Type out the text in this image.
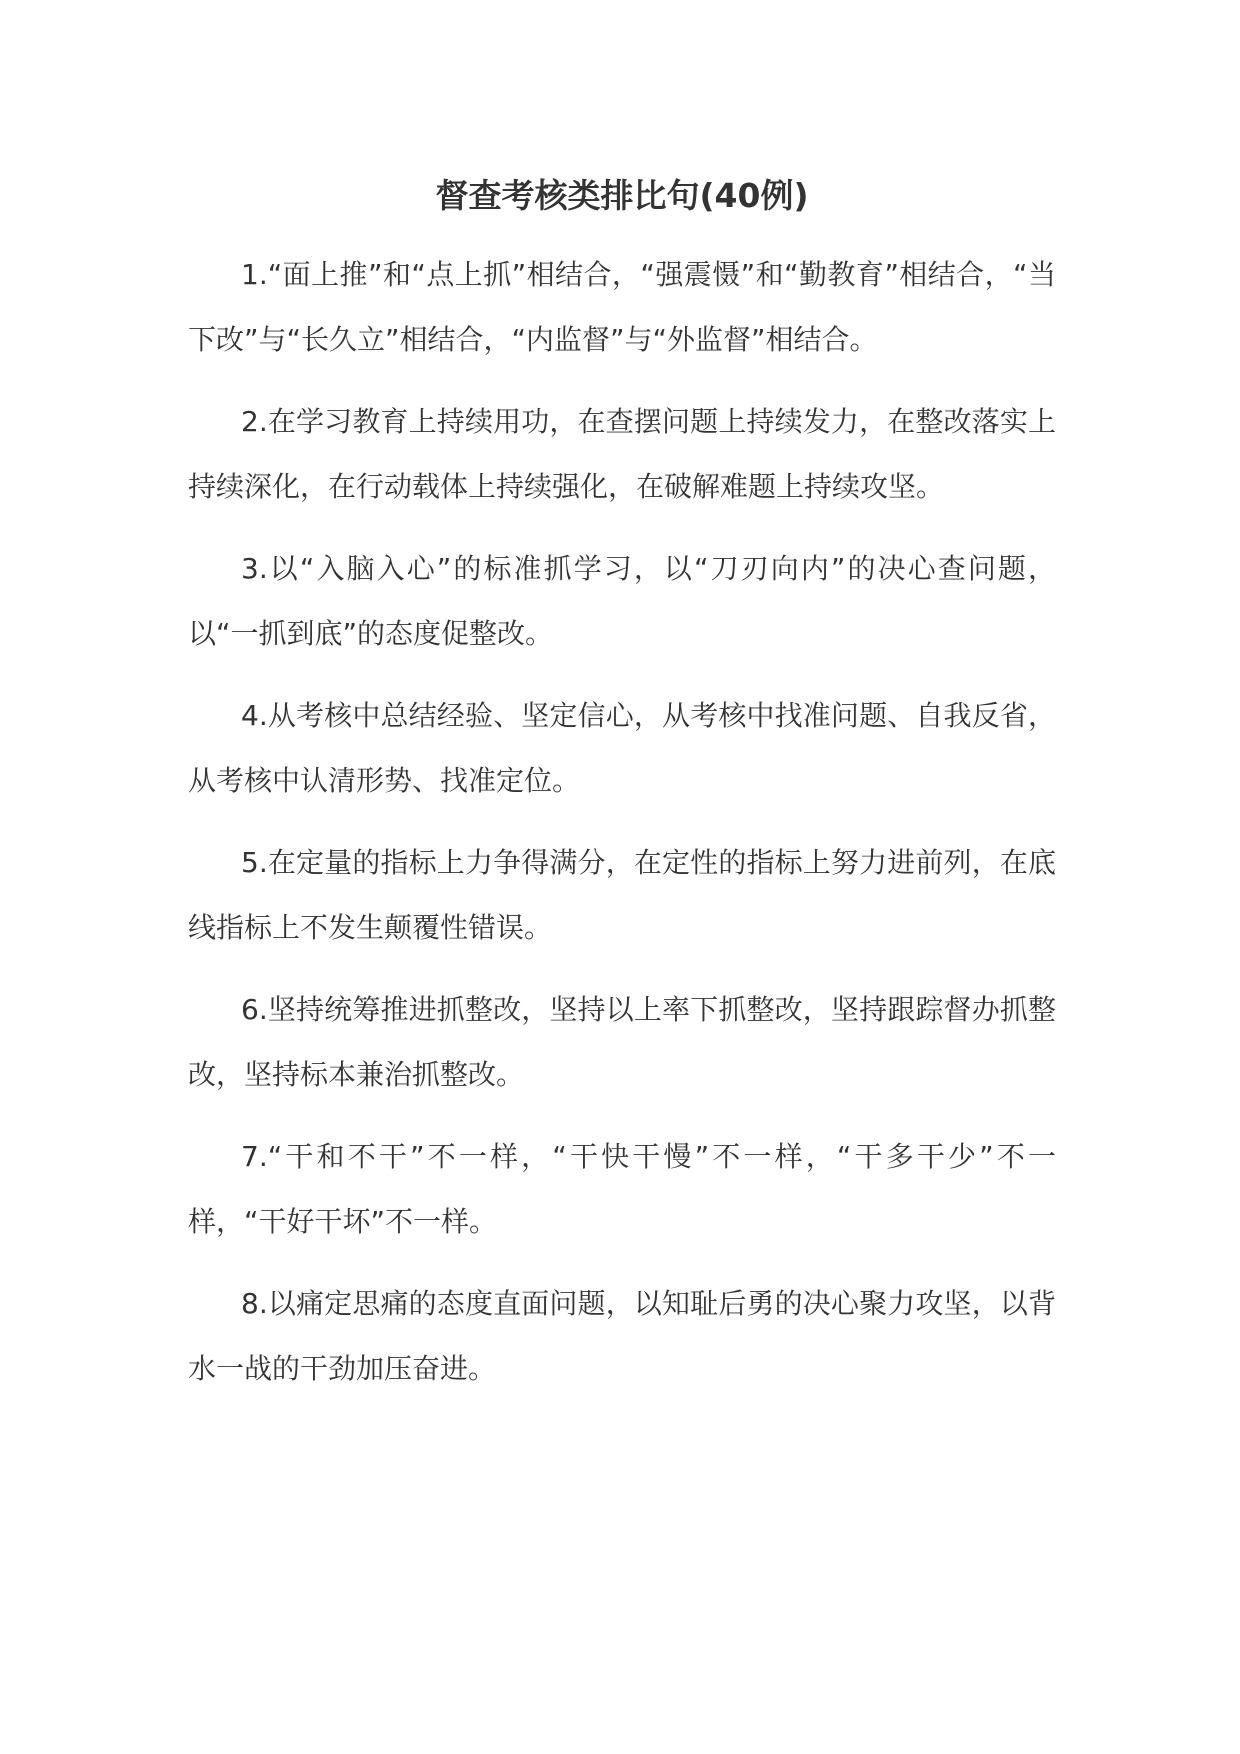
督查考核类排比句(40例)

1.“面上推”和“点上抓”相结合，“强震慑”和“勤教育”相结合，“当下改”与“长久立”相结合，“内监督”与“外监督”相结合。

2.在学习教育上持续用功，在查摆问题上持续发力，在整改落实上持续深化，在行动载体上持续强化，在破解难题上持续攻坚。

3.以“入脑入心”的标准抓学习，以“刀刃向内”的决心查问题，以“一抓到底”的态度促整改。

4.从考核中总结经验、坚定信心，从考核中找准问题、自我反省，从考核中认清形势、找准定位。

5.在定量的指标上力争得满分，在定性的指标上努力进前列，在底线指标上不发生颠覆性错误。

6.坚持统筹推进抓整改，坚持以上率下抓整改，坚持跟踪督办抓整改，坚持标本兼治抓整改。

7.“干和不干”不一样，“干快干慢”不一样，“干多干少”不一样，“干好干坏”不一样。

8.以痛定思痛的态度直面问题，以知耻后勇的决心聚力攻坚，以背水一战的干劲加压奋进。
